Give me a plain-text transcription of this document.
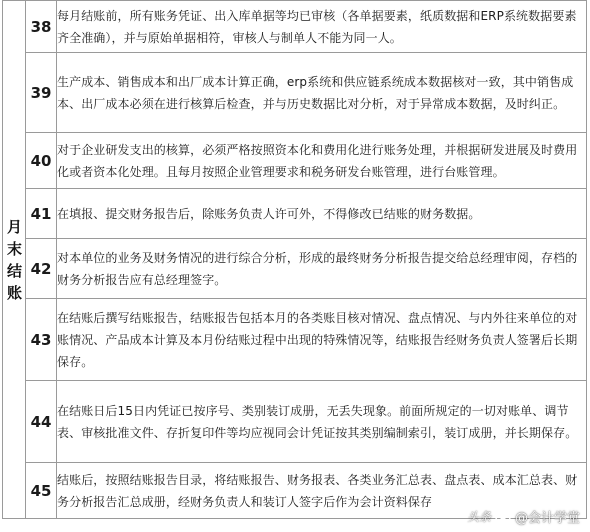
月末结账	38	每月结账前，所有账务凭证、出入库单据等均已审核（各单据要素，纸质数据和ERP系统数据要素齐全准确），并与原始单据相符，审核人与制单人不能为同一人。
	39	生产成本、销售成本和出厂成本计算正确，erp系统和供应链系统成本数据核对一致，其中销售成本、出厂成本必须在进行核算后检查，并与历史数据比对分析，对于异常成本数据，及时纠正。
	40	对于企业研发支出的核算，必须严格按照资本化和费用化进行账务处理，并根据研发进展及时费用化或者资本化处理。且每月按照企业管理要求和税务研发台账管理，进行台账管理。
	41	在填报、提交财务报告后，除账务负责人许可外，不得修改已结账的财务数据。
	42	对本单位的业务及财务情况的进行综合分析，形成的最终财务分析报告提交给总经理审阅，存档的财务分析报告应有总经理签字。
	43	在结账后撰写结账报告，结账报告包括本月的各类账目核对情况、盘点情况、与内外往来单位的对账情况、产品成本计算及本月份结账过程中出现的特殊情况等，结账报告经财务负责人签署后长期保存。
	44	在结账日后15日内凭证已按序号、类别装订成册，无丢失现象。前面所规定的一切对账单、调节表、审核批准文件、存折复印件等均应视同会计凭证按其类别编制索引，装订成册，并长期保存。
	45	结账后，按照结账报告目录，将结账报告、财务报表、各类业务汇总表、盘点表、成本汇总表、财务分析报告汇总成册，经财务负责人和装订人签字后作为会计资料保存
头条 @会计学堂
